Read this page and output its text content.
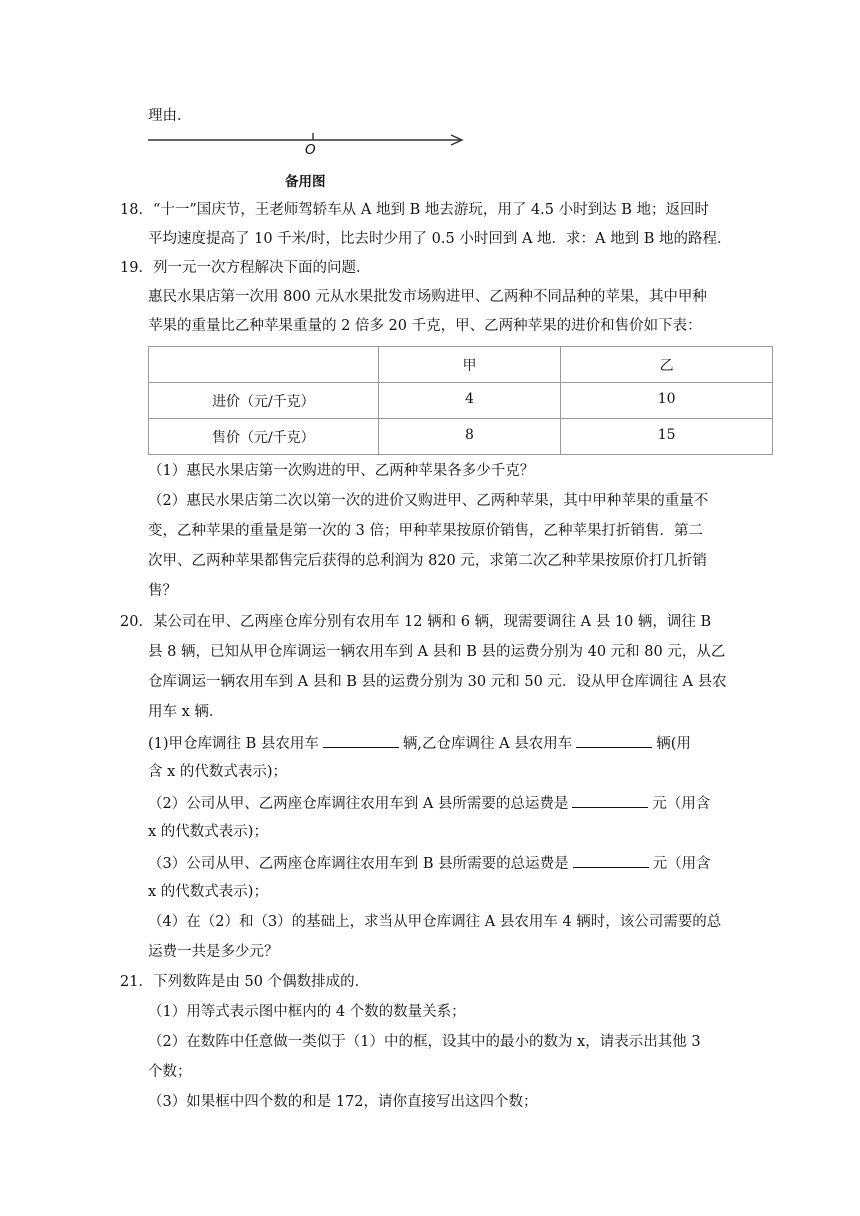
理由．
O
备用图
18．“十一”国庆节，王老师驾轿车从 A 地到 B 地去游玩，用了 4.5 小时到达 B 地；返回时
平均速度提高了 10 千米/时，比去时少用了 0.5 小时回到 A 地．求：A 地到 B 地的路程．
19．列一元一次方程解决下面的问题．
惠民水果店第一次用 800 元从水果批发市场购进甲、乙两种不同品种的苹果，其中甲种
苹果的重量比乙种苹果重量的 2 倍多 20 千克，甲、乙两种苹果的进价和售价如下表：
	甲	乙
进价（元/千克）	4	10
售价（元/千克）	8	15
（1）惠民水果店第一次购进的甲、乙两种苹果各多少千克？
（2）惠民水果店第二次以第一次的进价又购进甲、乙两种苹果，其中甲种苹果的重量不
变，乙种苹果的重量是第一次的 3 倍；甲种苹果按原价销售，乙种苹果打折销售．第二
次甲、乙两种苹果都售完后获得的总利润为 820 元，求第二次乙种苹果按原价打几折销
售？
20．某公司在甲、乙两座仓库分别有农用车 12 辆和 6 辆，现需要调往 A 县 10 辆，调往 B
县 8 辆，已知从甲仓库调运一辆农用车到 A 县和 B 县的运费分别为 40 元和 80 元，从乙
仓库调运一辆农用车到 A 县和 B 县的运费分别为 30 元和 50 元．设从甲仓库调往 A 县农
用车 x 辆．
(1)甲仓库调往 B 县农用车	辆,乙仓库调往 A 县农用车	辆(用
含 x 的代数式表示)；
（2）公司从甲、乙两座仓库调往农用车到 A 县所需要的总运费是	元（用含
x 的代数式表示)；
（3）公司从甲、乙两座仓库调往农用车到 B 县所需要的总运费是	元（用含
x 的代数式表示)；
（4）在（2）和（3）的基础上，求当从甲仓库调往 A 县农用车 4 辆时，该公司需要的总
运费一共是多少元？
21．下列数阵是由 50 个偶数排成的．
（1）用等式表示图中框内的 4 个数的数量关系；
（2）在数阵中任意做一类似于（1）中的框，设其中的最小的数为 x，请表示出其他 3
个数；
（3）如果框中四个数的和是 172，请你直接写出这四个数；
